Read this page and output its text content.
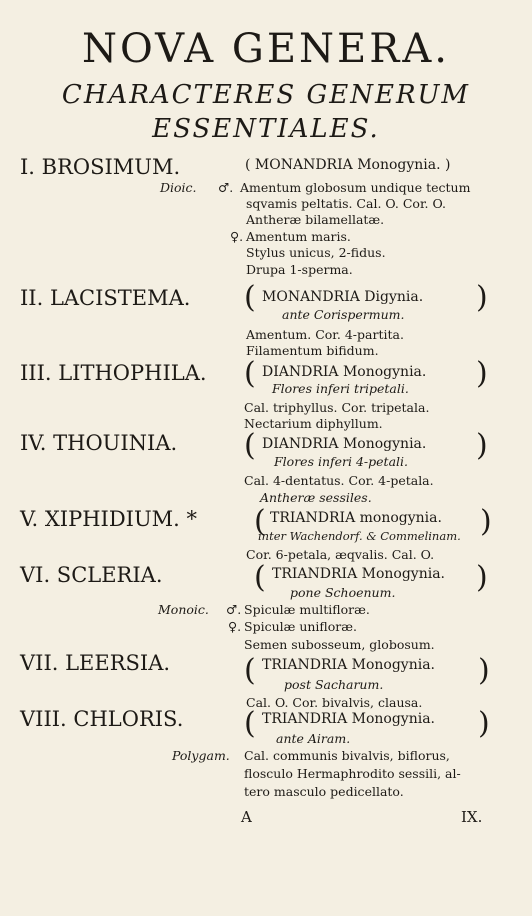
NOVA GENERA.
CHARACTERES GENERUM
ESSENTIALES.
I. BROSIMUM.	( MONANDRIA Monogynia. )
Dioic. ♂. Amentum globosum undique tectum
sqvamis peltatis. Cal. O. Cor. O.
Antheræ bilamellatæ.
♀. Amentum maris.
Stylus unicus, 2-fidus.
Drupa 1-sperma.
II. LACISTEMA. ( MONANDRIA Digynia.
ante Corispermum. )
Amentum. Cor. 4-partita.
Filamentum bifidum.
III. LITHOPHILA. ( DIANDRIA Monogynia.
Flores inferi tripetali. )
Cal. triphyllus. Cor. tripetala.
Nectarium diphyllum.
IV. THOUINIA. ( DIANDRIA Monogynia.
Flores inferi 4-petali. )
Cal. 4-dentatus. Cor. 4-petala.
Antheræ sessiles.
V. XIPHIDIUM. * ( TRIANDRIA monogynia.
inter Wachendorf. & Commelinam. )
Cor. 6-petala, æqvalis. Cal. O.
VI. SCLERIA.	( TRIANDRIA Monogynia.
pone Schoenum.	)
Monoic. ♂. Spiculæ multifloræ.
♀. Spiculæ unifloræ.
Semen subosseum, globosum.
VII. LEERSIA. ( TRIANDRIA Monogynia.
post Sacharum.	)
Cal. O. Cor. bivalvis, clausa.
VIII. CHLORIS. ( TRIANDRIA Monogynia.
ante Airam.	)
Polygam. Cal. communis bivalvis, biflorus,
flosculo Hermaphrodito sessili, al-
tero masculo pedicellato.
A	IX.
